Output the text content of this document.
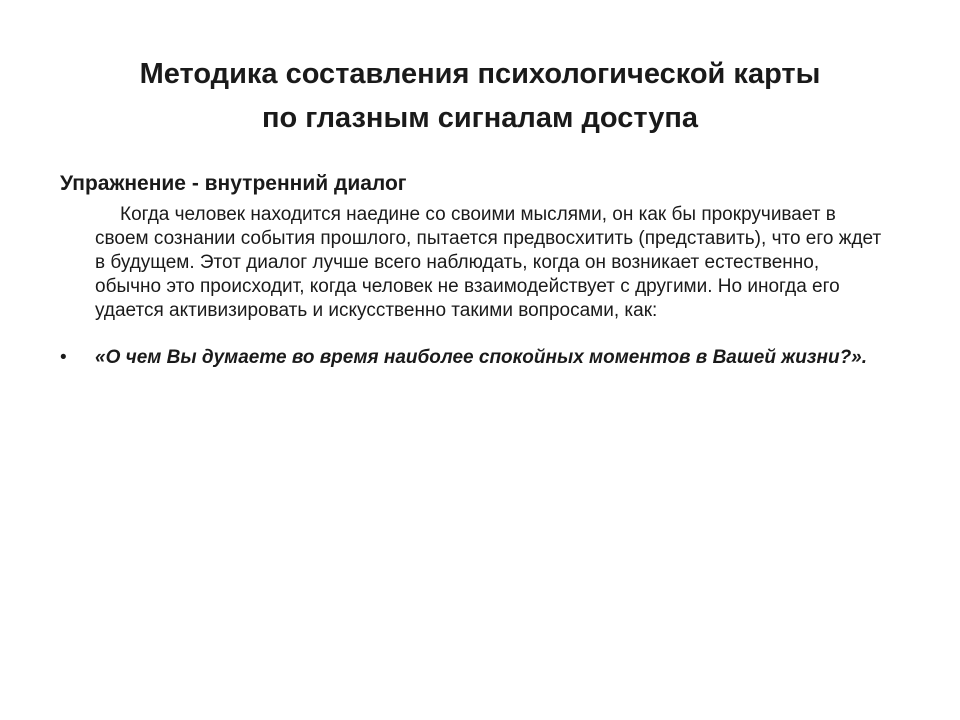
Методика составления психологической карты
по глазным сигналам доступа
Упражнение - внутренний диалог

Когда человек находится наедине со своими мыслями, он как бы прокручивает в своем сознании события прошлого, пытается предвосхитить (представить), что его ждет в будущем. Этот диалог лучше всего наблюдать, когда он возникает естественно, обычно это происходит, когда человек не взаимодействует с другими. Но иногда его удается активизировать и искусственно такими вопросами, как:

• «О чем Вы думаете во время наиболее спокойных моментов в Вашей жизни?».
